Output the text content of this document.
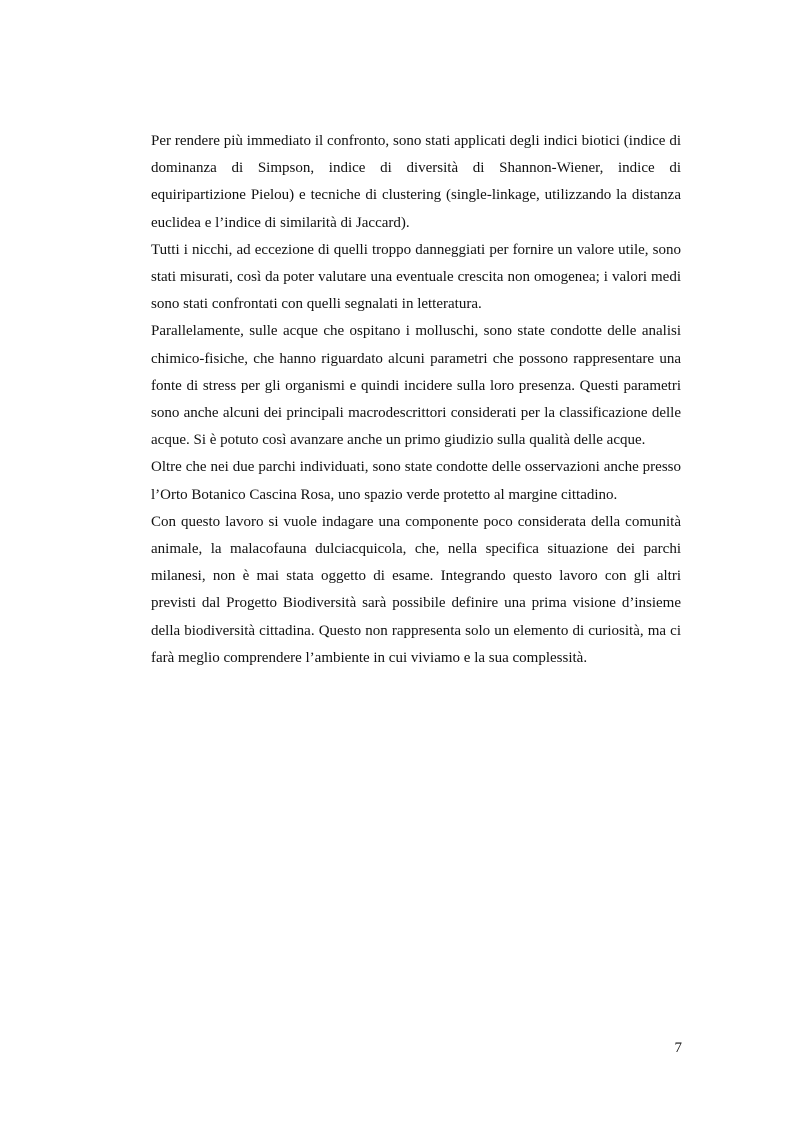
Per rendere più immediato il confronto, sono stati applicati degli indici biotici (indice di dominanza di Simpson, indice di diversità di Shannon-Wiener, indice di equiripartizione Pielou) e tecniche di clustering (single-linkage, utilizzando la distanza euclidea e l’indice di similarità di Jaccard).

Tutti i nicchi, ad eccezione di quelli troppo danneggiati per fornire un valore utile, sono stati misurati, così da poter valutare una eventuale crescita non omogenea; i valori medi sono stati confrontati con quelli segnalati in letteratura.

Parallelamente, sulle acque che ospitano i molluschi, sono state condotte delle analisi chimico-fisiche, che hanno riguardato alcuni parametri che possono rappresentare una fonte di stress per gli organismi e quindi incidere sulla loro presenza. Questi parametri sono anche alcuni dei principali macrodescrittori considerati per la classificazione delle acque. Si è potuto così avanzare anche un primo giudizio sulla qualità delle acque.

Oltre che nei due parchi individuati, sono state condotte delle osservazioni anche presso l’Orto Botanico Cascina Rosa, uno spazio verde protetto al margine cittadino.

Con questo lavoro si vuole indagare una componente poco considerata della comunità animale, la malacofauna dulciacquicola, che, nella specifica situazione dei parchi milanesi, non è mai stata oggetto di esame. Integrando questo lavoro con gli altri previsti dal Progetto Biodiversità sarà possibile definire una prima visione d’insieme della biodiversità cittadina. Questo non rappresenta solo un elemento di curiosità, ma ci farà meglio comprendere l’ambiente in cui viviamo e la sua complessità.

7
